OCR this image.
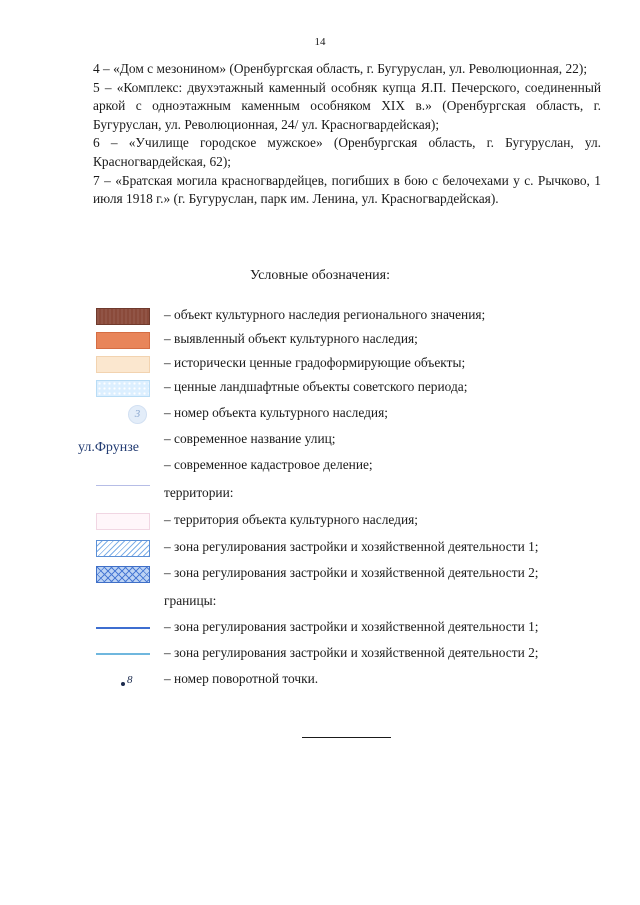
14
4 – «Дом с мезонином» (Оренбургская область, г. Бугуруслан, ул. Революционная, 22);
5 – «Комплекс: двухэтажный каменный особняк купца Я.П. Печерского, соединенный аркой с одноэтажным каменным особняком XIX в.» (Оренбургская область, г. Бугуруслан, ул. Революционная, 24/ ул. Красногвардейская);
6 – «Училище городское мужское» (Оренбургская область, г. Бугуруслан, ул. Красногвардейская, 62);
7 – «Братская могила красногвардейцев, погибших в бою с белочехами у с. Рычково, 1 июля 1918 г.» (г. Бугуруслан, парк им. Ленина, ул. Красногвардейская).
Условные обозначения:
– объект культурного наследия регионального значения;
– выявленный объект культурного наследия;
– исторически ценные градоформирующие объекты;
– ценные ландшафтные объекты советского периода;
3	– номер объекта культурного наследия;
ул.Фрунзе
– современное название улиц;
– современное кадастровое деление;
территории:
– территория объекта культурного наследия;
– зона регулирования застройки и хозяйственной деятельности 1;
– зона регулирования застройки и хозяйственной деятельности 2;
границы:
– зона регулирования застройки и хозяйственной деятельности 1;
– зона регулирования застройки и хозяйственной деятельности 2;
8 – номер поворотной точки.
